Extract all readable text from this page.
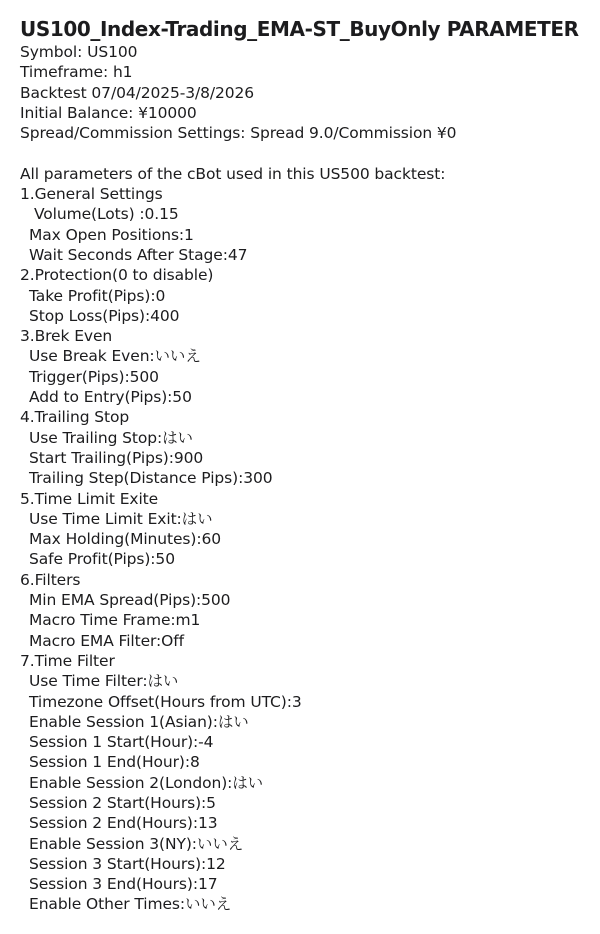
US100_Index-Trading_EMA-ST_BuyOnly PARAMETER
Symbol: US100
Timeframe: h1
Backtest 07/04/2025-3/8/2026
Initial Balance: ¥10000
Spread/Commission Settings: Spread 9.0/Commission ¥0
All parameters of the cBot used in this US500 backtest:
1.General Settings
Volume(Lots) :0.15
Max Open Positions:1
Wait Seconds After Stage:47
2.Protection(0 to disable)
Take Profit(Pips):0
Stop Loss(Pips):400
3.Brek Even
Use Break Even:いいえ
Trigger(Pips):500
Add to Entry(Pips):50
4.Trailing Stop
Use Trailing Stop:はい
Start Trailing(Pips):900
Trailing Step(Distance Pips):300
5.Time Limit Exite
Use Time Limit Exit:はい
Max Holding(Minutes):60
Safe Profit(Pips):50
6.Filters
Min EMA Spread(Pips):500
Macro Time Frame:m1
Macro EMA Filter:Off
7.Time Filter
Use Time Filter:はい
Timezone Offset(Hours from UTC):3
Enable Session 1(Asian):はい
Session 1 Start(Hour):-4
Session 1 End(Hour):8
Enable Session 2(London):はい
Session 2 Start(Hours):5
Session 2 End(Hours):13
Enable Session 3(NY):いいえ
Session 3 Start(Hours):12
Session 3 End(Hours):17
Enable Other Times:いいえ
